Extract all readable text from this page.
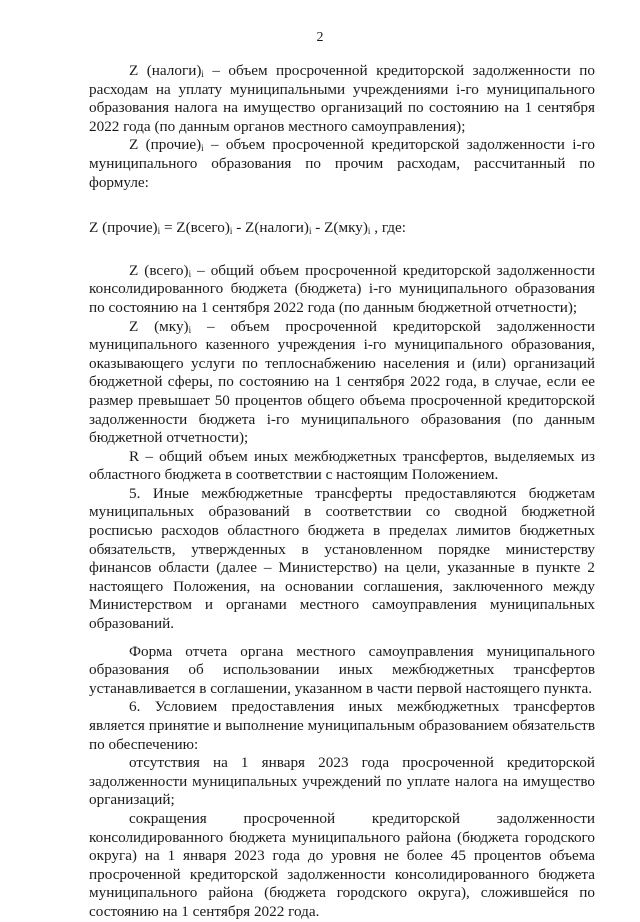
2

Z $(налоги)_i$ – объем просроченной кредиторской задолженности по расходам на уплату муниципальными учреждениями i-го муниципального образования налога на имущество организаций по состоянию на 1 сентября 2022 года (по данным органов местного самоуправления);

Z $(прочие)_i$ – объем просроченной кредиторской задолженности i-го муниципального образования по прочим расходам, рассчитанный по формуле:

Z $(прочие)_i$ = $Z(всего)_i$ - $Z(налоги)_i - Z(мку)_i$ , где:

Z $(всего)_i$ – общий объем просроченной кредиторской задолженности консолидированного бюджета (бюджета) i-го муниципального образования по состоянию на 1 сентября 2022 года (по данным бюджетной отчетности);

Z $(мку)_i$ – объем просроченной кредиторской задолженности муниципального казенного учреждения i-го муниципального образования, оказывающего услуги по теплоснабжению населения и (или) организаций бюджетной сферы, по состоянию на 1 сентября 2022 года, в случае, если ее размер превышает 50 процентов общего объема просроченной кредиторской задолженности бюджета i-го муниципального образования (по данным бюджетной отчетности);

R – общий объем иных межбюджетных трансфертов, выделяемых из областного бюджета в соответствии с настоящим Положением.

5. Иные межбюджетные трансферты предоставляются бюджетам муниципальных образований в соответствии со сводной бюджетной росписью расходов областного бюджета в пределах лимитов бюджетных обязательств, утвержденных в установленном порядке министерству финансов области (далее – Министерство) на цели, указанные в пункте 2 настоящего Положения, на основании соглашения, заключенного между Министерством и органами местного самоуправления муниципальных образований.

Форма отчета органа местного самоуправления муниципального образования об использовании иных межбюджетных трансфертов устанавливается в соглашении, указанном в части первой настоящего пункта.

6. Условием предоставления иных межбюджетных трансфертов является принятие и выполнение муниципальным образованием обязательств по обеспечению:

отсутствия на 1 января 2023 года просроченной кредиторской задолженности муниципальных учреждений по уплате налога на имущество организаций;

сокращения просроченной кредиторской задолженности консолидированного бюджета муниципального района (бюджета городского округа) на 1 января 2023 года до уровня не более 45 процентов объема просроченной кредиторской задолженности консолидированного бюджета муниципального района (бюджета городского округа), сложившейся по состоянию на 1 сентября 2022 года.
